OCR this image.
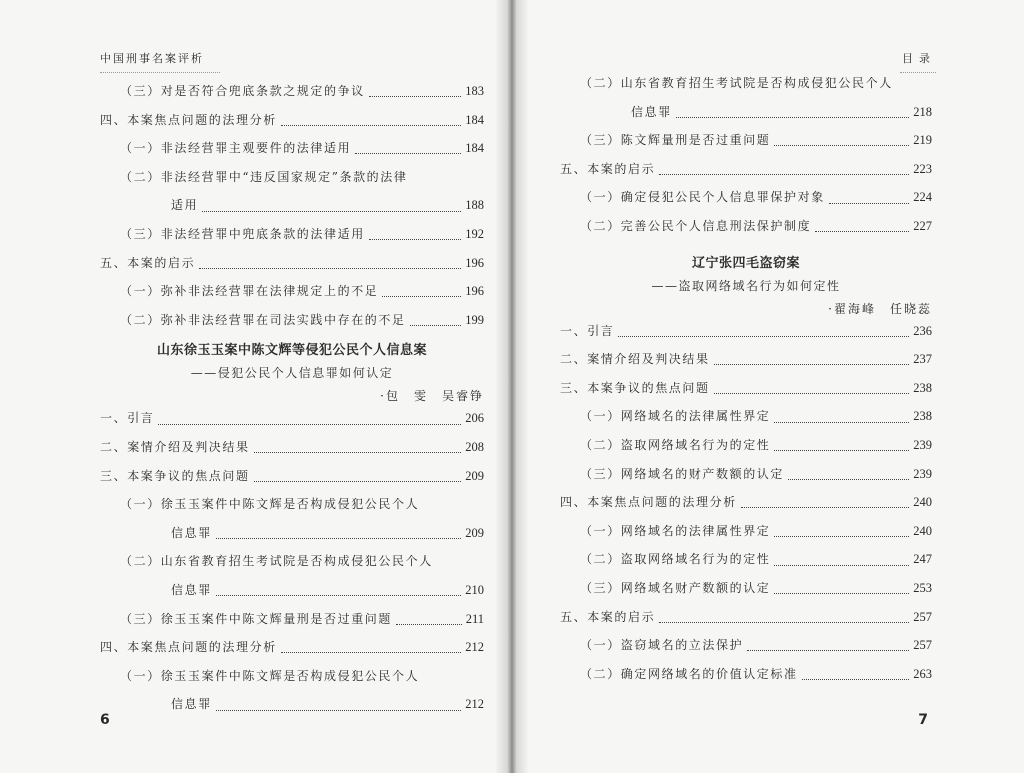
中国刑事名案评析
（三）对是否符合兜底条款之规定的争议	183
四、本案焦点问题的法理分析	184
（一）非法经营罪主观要件的法律适用	184
（二）非法经营罪中“违反国家规定”条款的法律
适用	188
（三）非法经营罪中兜底条款的法律适用	192
五、本案的启示	196
（一）弥补非法经营罪在法律规定上的不足	196
（二）弥补非法经营罪在司法实践中存在的不足	199
山东徐玉玉案中陈文辉等侵犯公民个人信息案
——侵犯公民个人信息罪如何认定
·包　雯　吴睿铮
一、引言	206
二、案情介绍及判决结果	208
三、本案争议的焦点问题	209
（一）徐玉玉案件中陈文辉是否构成侵犯公民个人
信息罪	209
（二）山东省教育招生考试院是否构成侵犯公民个人
信息罪	210
（三）徐玉玉案件中陈文辉量刑是否过重问题	211
四、本案焦点问题的法理分析	212
（一）徐玉玉案件中陈文辉是否构成侵犯公民个人
信息罪	212
6
目录
7
（二）山东省教育招生考试院是否构成侵犯公民个人
信息罪	218
（三）陈文辉量刑是否过重问题	219
五、本案的启示	223
（一）确定侵犯公民个人信息罪保护对象	224
（二）完善公民个人信息刑法保护制度	227
辽宁张四毛盗窃案
——盗取网络域名行为如何定性
·翟海峰　任晓蕊
一、引言	236
二、案情介绍及判决结果	237
三、本案争议的焦点问题	238
（一）网络域名的法律属性界定	238
（二）盗取网络域名行为的定性	239
（三）网络域名的财产数额的认定	239
四、本案焦点问题的法理分析	240
（一）网络域名的法律属性界定	240
（二）盗取网络域名行为的定性	247
（三）网络域名财产数额的认定	253
五、本案的启示	257
（一）盗窃域名的立法保护	257
（二）确定网络域名的价值认定标准	263
